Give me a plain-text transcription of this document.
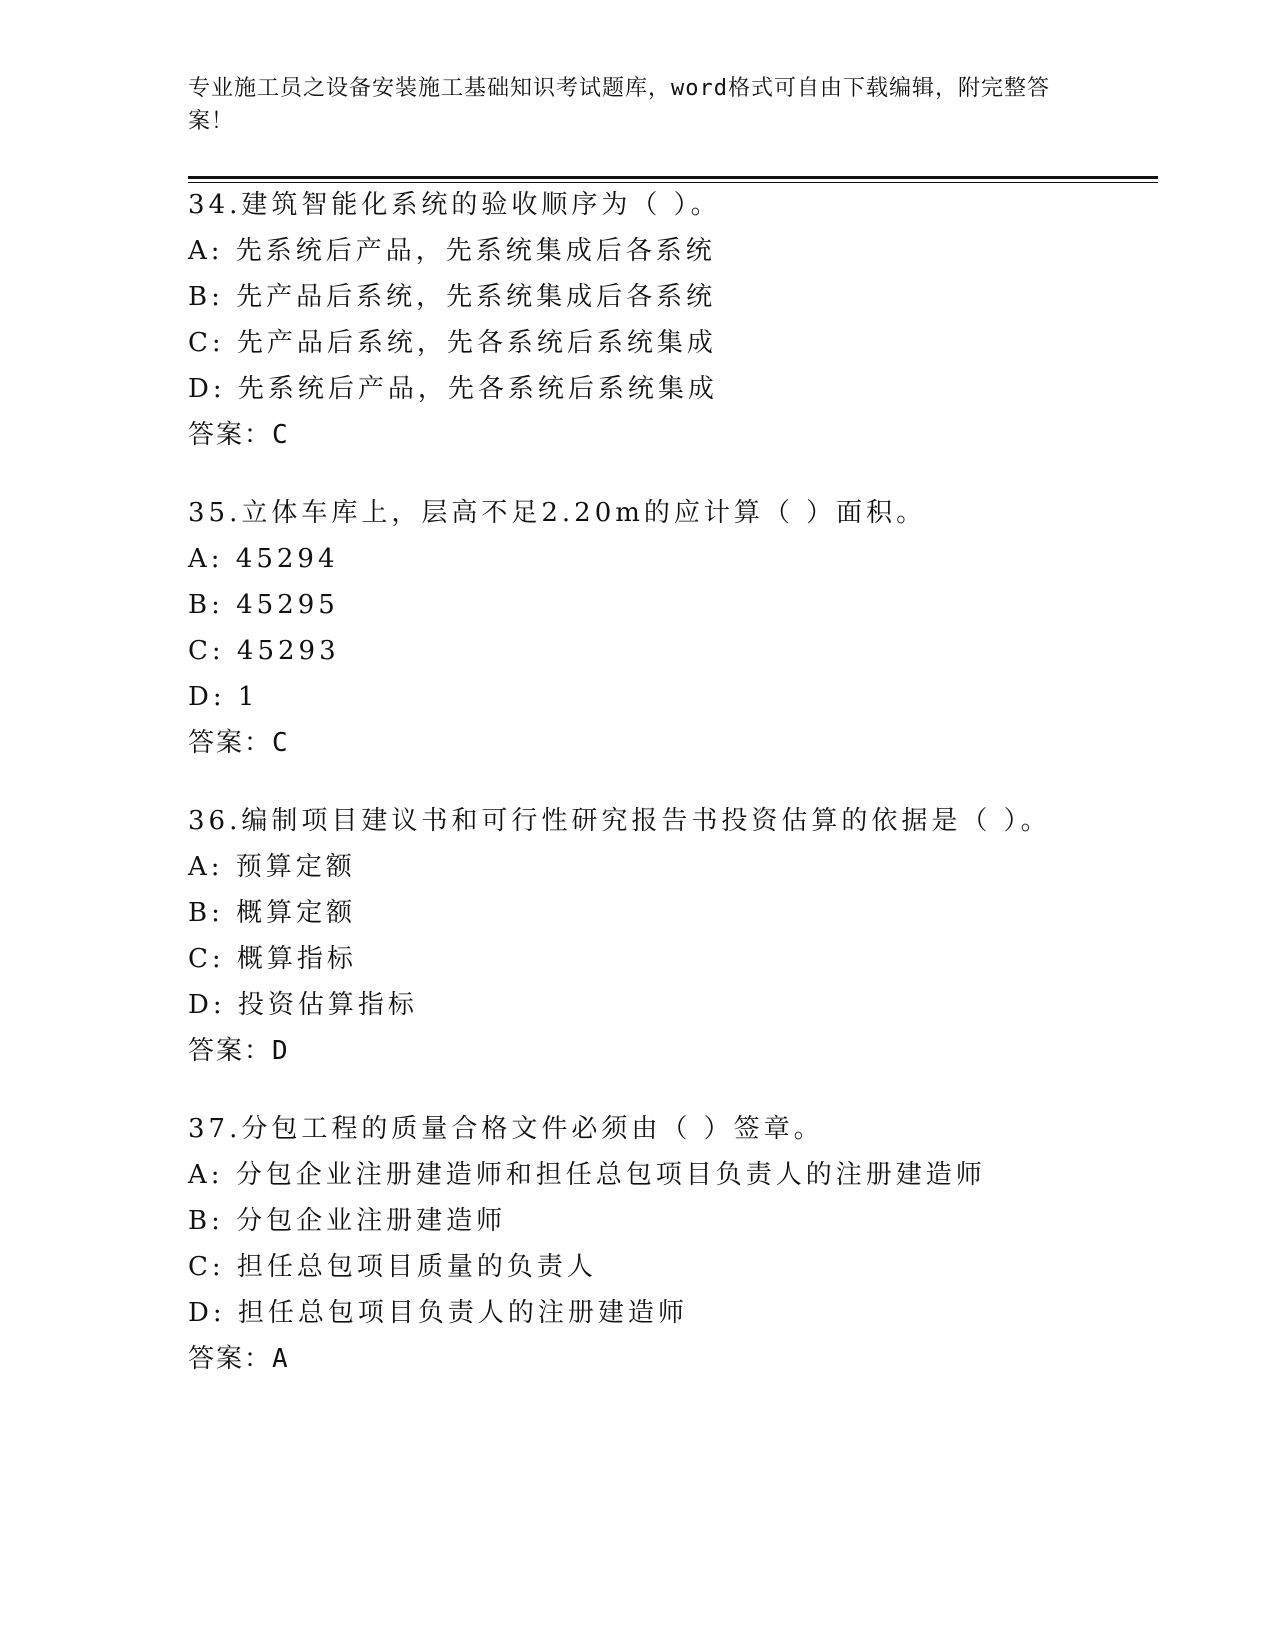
专业施工员之设备安装施工基础知识考试题库，word格式可自由下载编辑，附完整答案！
34.建筑智能化系统的验收顺序为（ ）。
A: 先系统后产品，先系统集成后各系统
B: 先产品后系统，先系统集成后各系统
C: 先产品后系统，先各系统后系统集成
D: 先系统后产品，先各系统后系统集成
答案：C
35.立体车库上，层高不足2.20m的应计算（ ）面积。
A: 45294
B: 45295
C: 45293
D: 1
答案：C
36.编制项目建议书和可行性研究报告书投资估算的依据是（ ）。
A: 预算定额
B: 概算定额
C: 概算指标
D: 投资估算指标
答案：D
37.分包工程的质量合格文件必须由（ ）签章。
A: 分包企业注册建造师和担任总包项目负责人的注册建造师
B: 分包企业注册建造师
C: 担任总包项目质量的负责人
D: 担任总包项目负责人的注册建造师
答案：A
